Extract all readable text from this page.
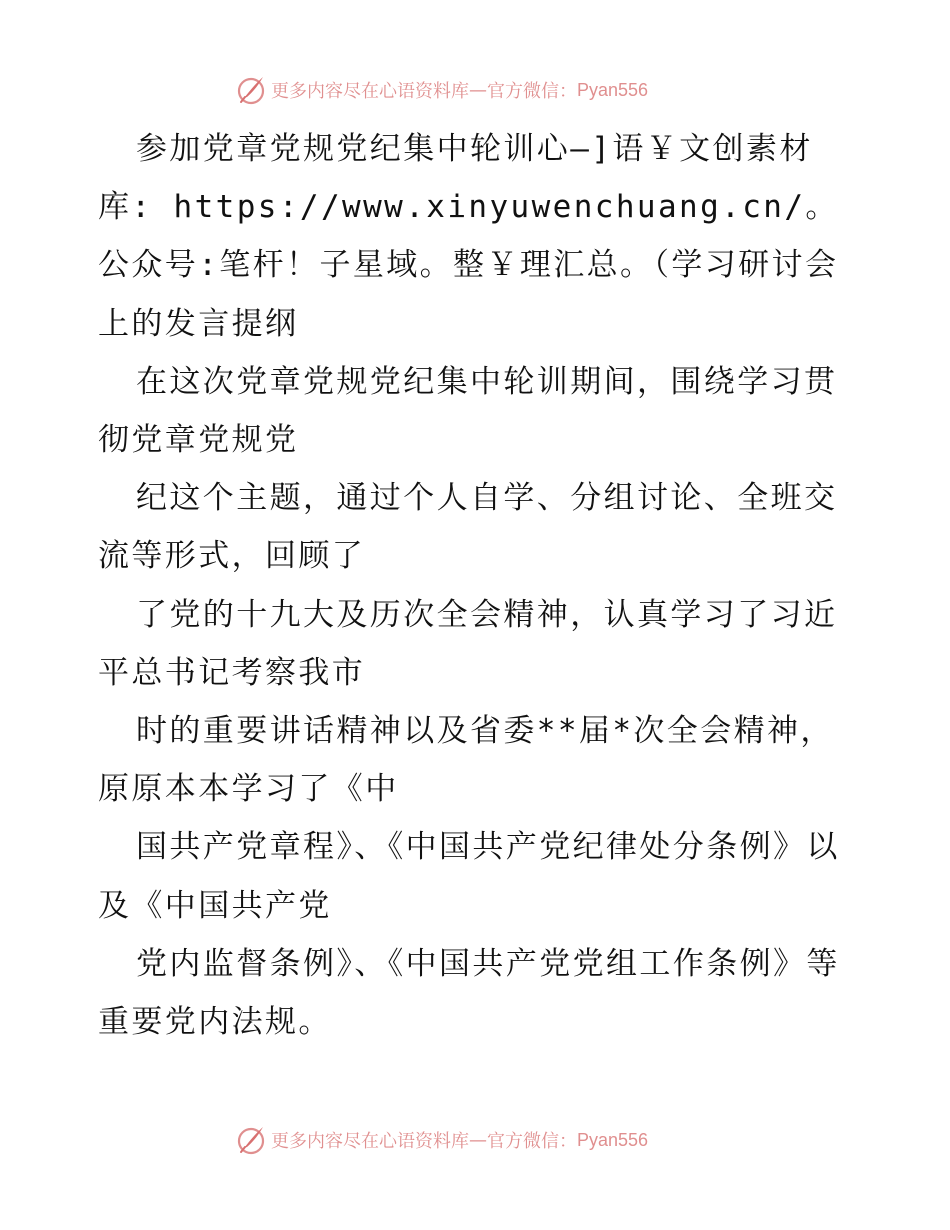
更多内容尽在心语资料库 — 官方微信： Pyan556

参加党章党规党纪集中轮训心—]语￥文创素材库: https://www.xinyuwenchuang.cn/。公众号:笔杆！子星域。整￥理汇总。（学习研讨会上的发言提纲

在这次党章党规党纪集中轮训期间，围绕学习贯彻党章党规党

纪这个主题，通过个人自学、分组讨论、全班交流等形式，回顾了

了党的十九大及历次全会精神，认真学习了习近平总书记考察我市

时的重要讲话精神以及省委**届*次全会精神，原原本本学习了《中

国共产党章程》、《中国共产党纪律处分条例》以及《中国共产党

党内监督条例》、《中国共产党党组工作条例》等重要党内法规。

更多内容尽在心语资料库 — 官方微信： Pyan556
